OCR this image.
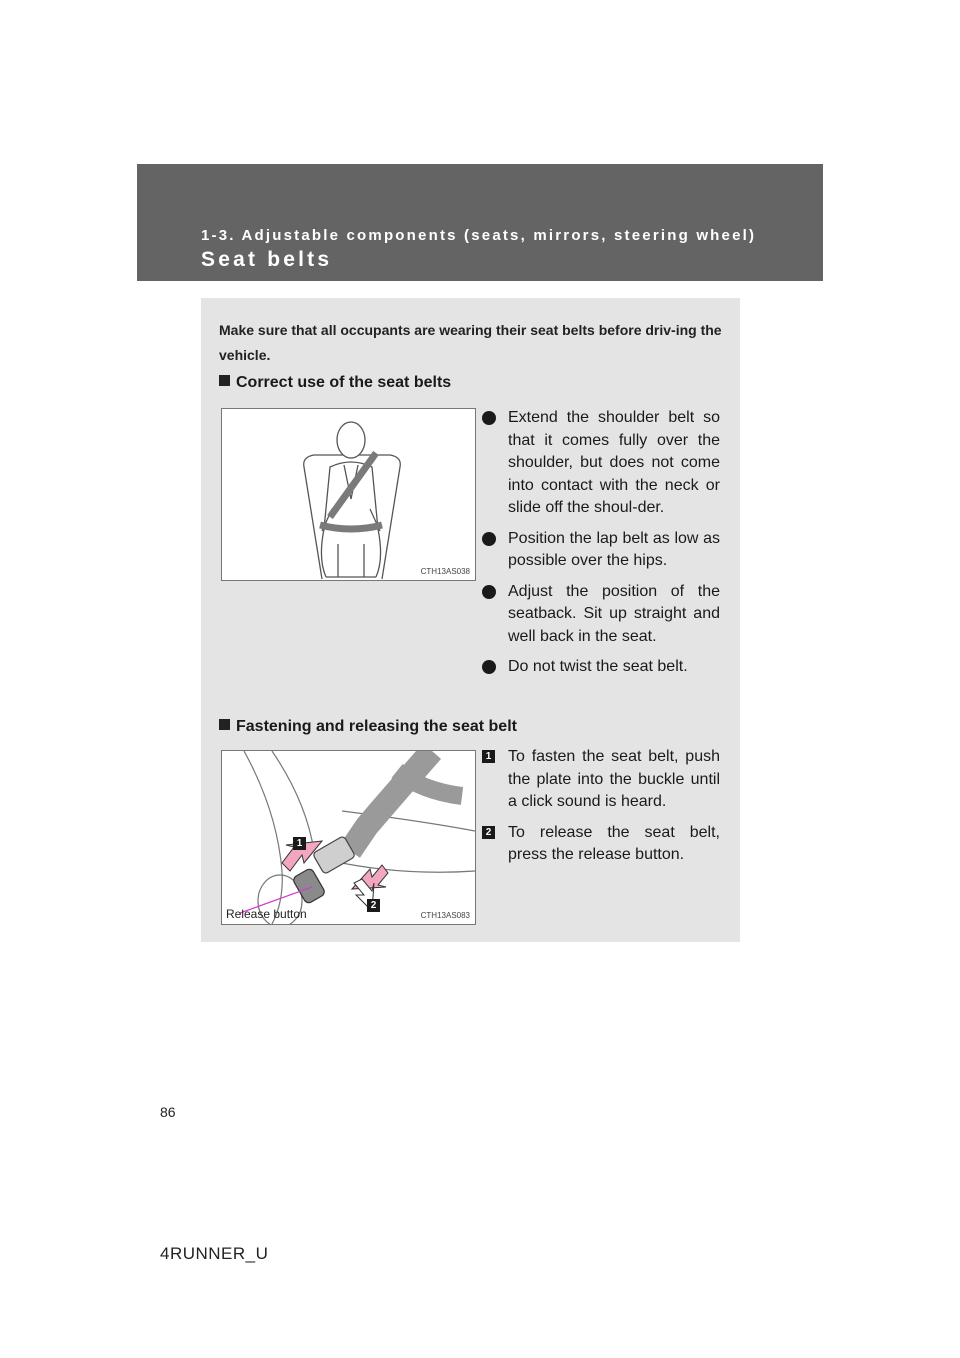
1-3. Adjustable components (seats, mirrors, steering wheel)
Seat belts
Make sure that all occupants are wearing their seat belts before driv-ing the vehicle.
Correct use of the seat belts
CTH13AS038
Extend the shoulder belt so that it comes fully over the shoulder, but does not come into contact with the neck or slide off the shoul-der.
Position the lap belt as low as possible over the hips.
Adjust the position of the seatback. Sit up straight and well back in the seat.
Do not twist the seat belt.
Fastening and releasing the seat belt
1
2
Release button	CTH13AS083
1 To fasten the seat belt, push the plate into the buckle until a click sound is heard.
2 To release the seat belt, press the release button.
86
4RUNNER_U
